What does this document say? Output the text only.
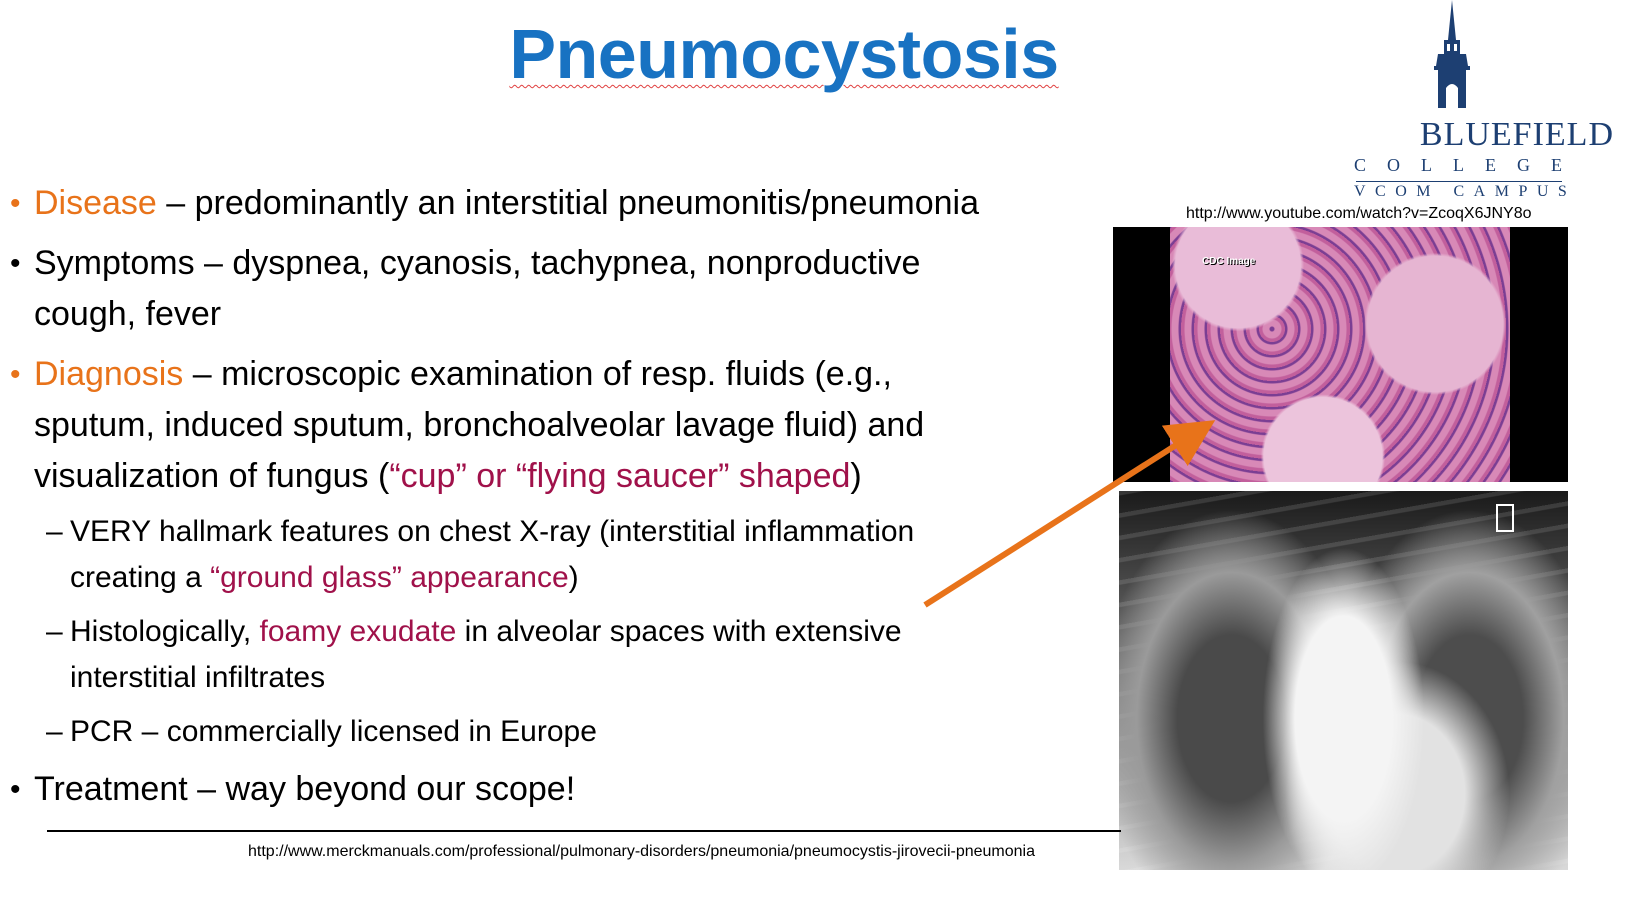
Pneumocystosis
BLUEFIELD
COLLEGE
VCOM CAMPUS
http://www.youtube.com/watch?v=ZcoqX6JNY8o
• Disease – predominantly an interstitial pneumonitis/pneumonia
• Symptoms – dyspnea, cyanosis, tachypnea, nonproductive
cough, fever
• Diagnosis – microscopic examination of resp. fluids (e.g.,
sputum, induced sputum, bronchoalveolar lavage fluid) and
visualization of fungus (“cup” or “flying saucer” shaped)
– VERY hallmark features on chest X-ray (interstitial inflammation
creating a “ground glass” appearance)
– Histologically, foamy exudate in alveolar spaces with extensive
interstitial infiltrates
– PCR – commercially licensed in Europe
• Treatment – way beyond our scope!
CDC Image
http://www.merckmanuals.com/professional/pulmonary-disorders/pneumonia/pneumocystis-jirovecii-pneumonia
